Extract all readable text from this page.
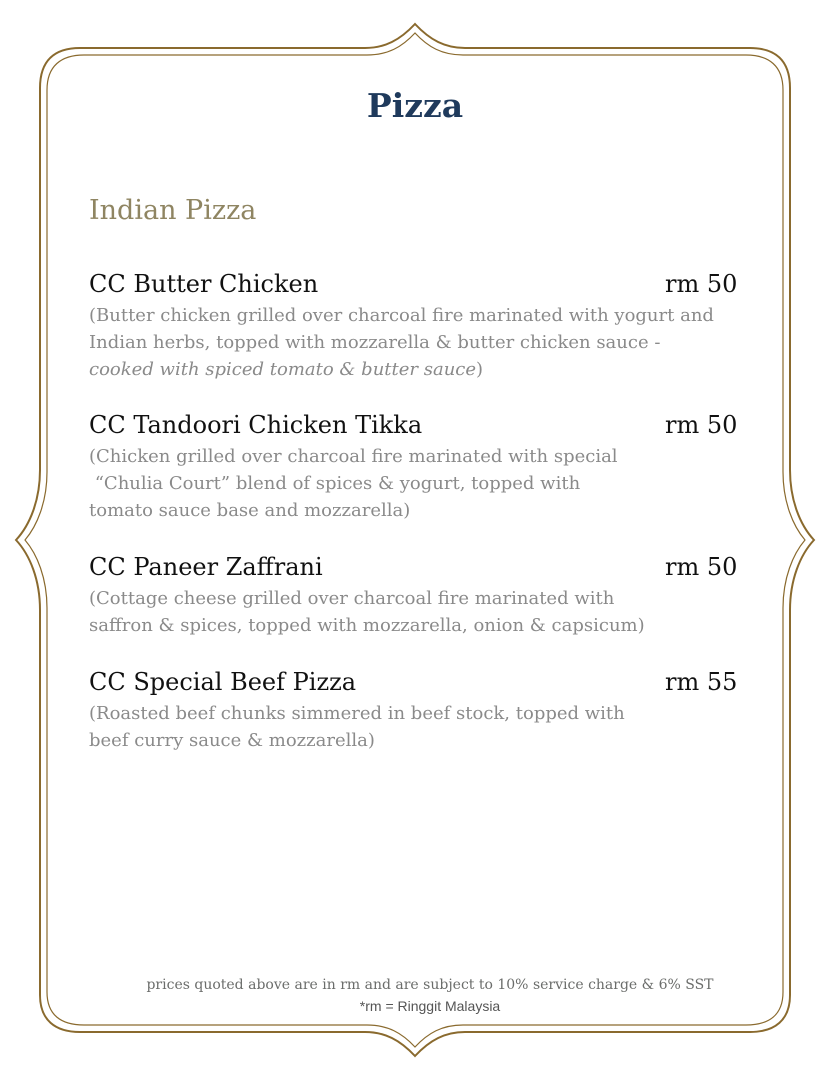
Pizza
Indian Pizza
CC Butter Chicken	rm 50
(Butter chicken grilled over charcoal fire marinated with yogurt and
Indian herbs, topped with mozzarella & butter chicken sauce -
cooked with spiced tomato & butter sauce)
CC Tandoori Chicken Tikka	rm 50
(Chicken grilled over charcoal fire marinated with special
“Chulia Court” blend of spices & yogurt, topped with
tomato sauce base and mozzarella)
CC Paneer Zaffrani	rm 50
(Cottage cheese grilled over charcoal fire marinated with
saffron & spices, topped with mozzarella, onion & capsicum)
CC Special Beef Pizza	rm 55
(Roasted beef chunks simmered in beef stock, topped with
beef curry sauce & mozzarella)
prices quoted above are in rm and are subject to 10% service charge & 6% SST
*rm = Ringgit Malaysia
